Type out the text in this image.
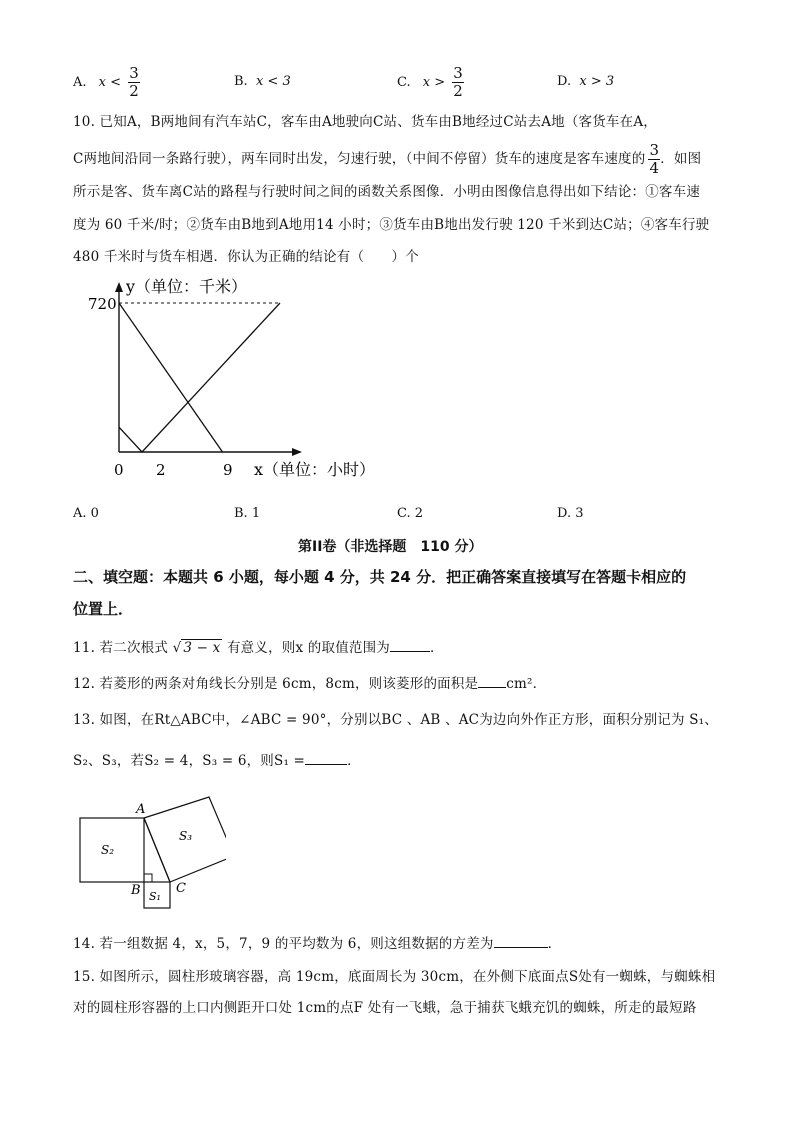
A. $x < \frac{3}{2}$	B. x < 3	C. $x > \frac{3}{2}$	D. x > 3
10. 已知A，B两地间有汽车站C，客车由A地驶向C站、货车由B地经过C站去A地（客货车在A，
C两地间沿同一条路行驶），两车同时出发，匀速行驶，（中间不停留）货车的速度是客车速度的 $\frac{3}{4}$ ．如图
所示是客、货车离C站的路程与行驶时间之间的函数关系图像．小明由图像信息得出如下结论：①客车速
度为 60 千米/时；②货车由B地到A地用14 小时；③货车由B地出发行驶 120 千米到达C站；④客车行驶
480 千米时与货车相遇．你认为正确的结论有（　　）个
y（单位：千米）
720
0 2	9 x（单位：小时）
A. 0	B. 1	C. 2	D. 3
第II卷（非选择题　110 分）
二、填空题：本题共 6 小题，每小题 4 分，共 24 分．把正确答案直接填写在答题卡相应的
位置上．
11. 若二次根式 √ 3 − x 有意义，则x 的取值范围为	．
12. 若菱形的两条对角线长分别是 6cm，8cm，则该菱形的面积是 cm²．
13. 如图，在Rt△ABC中，∠ABC = 90°，分别以BC 、AB 、AC为边向外作正方形，面积分别记为 S₁、
S₂、S₃，若S₂ = 4，S₃ = 6，则S₁ =	．
A
B	C
S₂
S₁
S₃
14. 若一组数据 4，x，5，7，9 的平均数为 6，则这组数据的方差为	．
15. 如图所示，圆柱形玻璃容器，高 19cm，底面周长为 30cm，在外侧下底面点S处有一蜘蛛，与蜘蛛相
对的圆柱形容器的上口内侧距开口处 1cm的点F 处有一飞蛾，急于捕获飞蛾充饥的蜘蛛，所走的最短路
